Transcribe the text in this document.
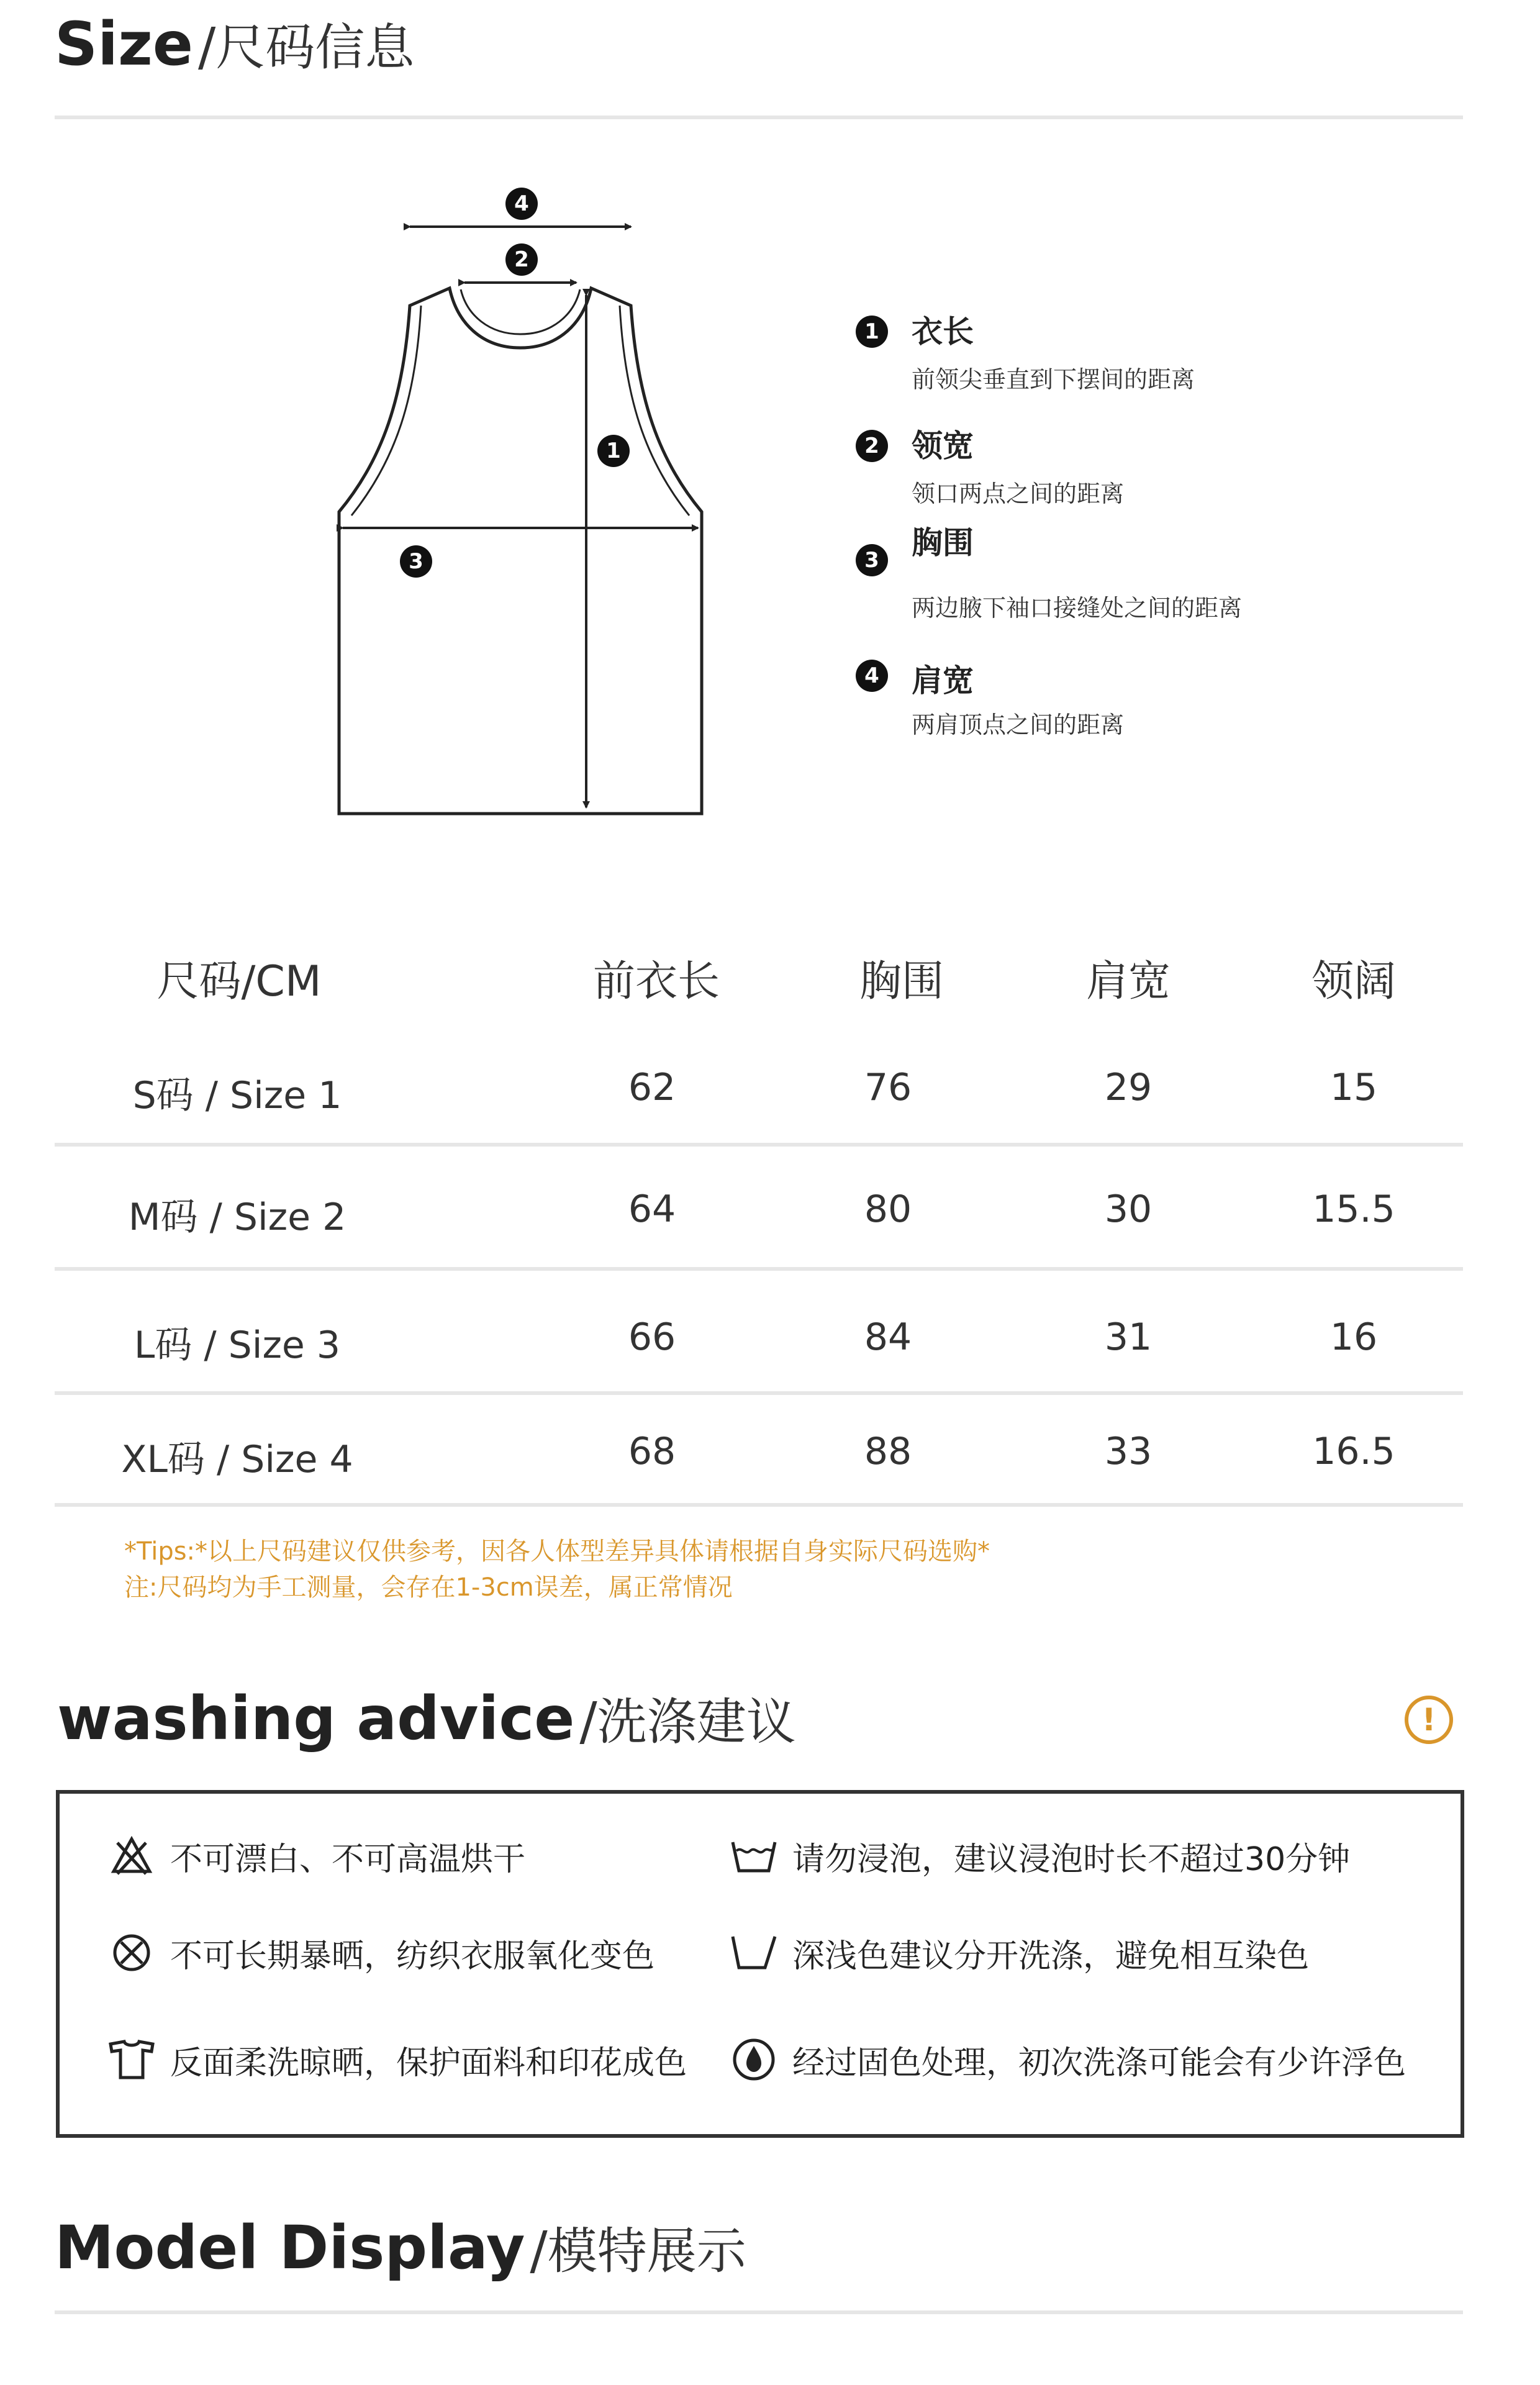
Size / 尺码信息
4
2
1
3
1 衣长
前领尖垂直到下摆间的距离
2 领宽
领口两点之间的距离
3 胸围
两边腋下袖口接缝处之间的距离
4 肩宽
两肩顶点之间的距离
尺码/CM	前衣长	胸围	肩宽	领阔
S码 / Size 1	62	76	29	15
M码 / Size 2	64	80	30	15.5
L码 / Size 3	66	84	31	16
XL码 / Size 4	68	88	33	16.5
*Tips:*以上尺码建议仅供参考，因各人体型差异具体请根据自身实际尺码选购*
注:尺码均为手工测量，会存在1-3cm误差，属正常情况
washing advice / 洗涤建议	!
不可漂白、不可高温烘干	请勿浸泡，建议浸泡时长不超过30分钟
不可长期暴晒，纺织衣服氧化变色	深浅色建议分开洗涤，避免相互染色
反面柔洗晾晒，保护面料和印花成色	经过固色处理，初次洗涤可能会有少许浮色
Model Display / 模特展示
